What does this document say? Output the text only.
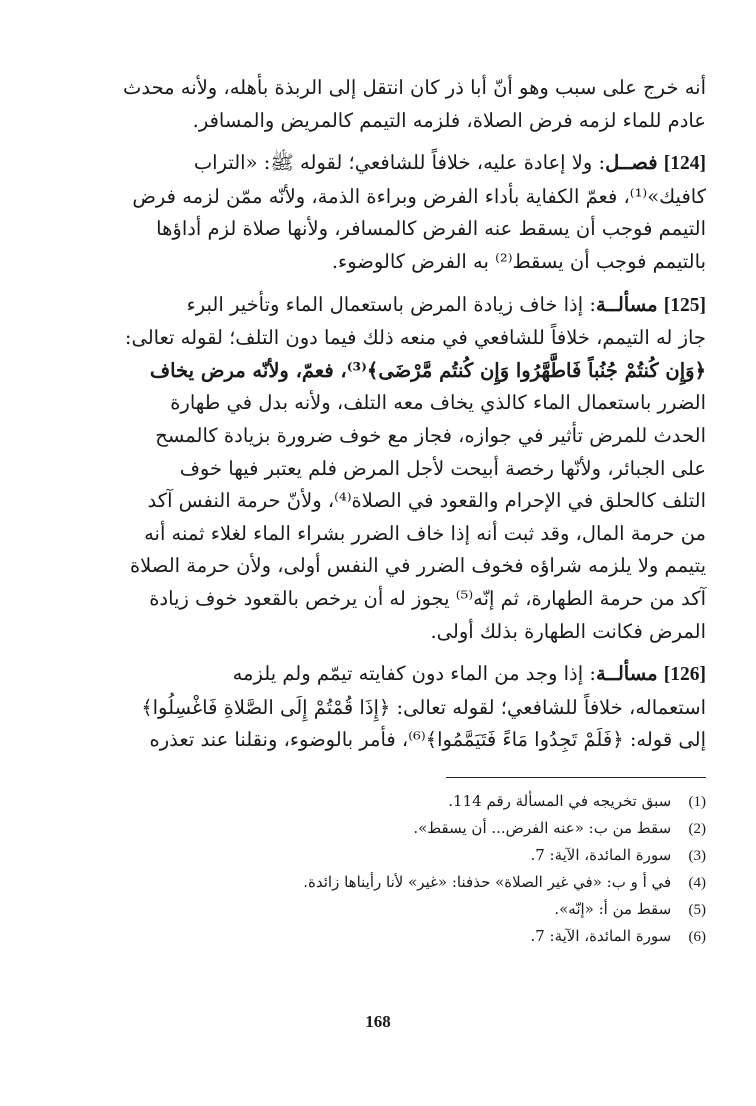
أنه خرج على سبب وهو أنّ أبا ذر كان انتقل إلى الربذة بأهله، ولأنه محدث
عادم للماء لزمه فرض الصلاة، فلزمه التيمم كالمريض والمسافر.

[124] فصــل: ولا إعادة عليه، خلافاً للشافعي؛ لقوله ﷺ: «التراب
كافيك»⁽¹⁾، فعمّ الكفاية بأداء الفرض وبراءة الذمة، ولأنّه ممّن لزمه فرض
التيمم فوجب أن يسقط عنه الفرض كالمسافر، ولأنها صلاة لزم أداؤها
بالتيمم فوجب أن يسقط⁽²⁾ به الفرض كالوضوء.

[125] مسألــة: إذا خاف زيادة المرض باستعمال الماء وتأخير البرء
جاز له التيمم، خلافاً للشافعي في منعه ذلك فيما دون التلف؛ لقوله تعالى:
﴿وَإِن كُنتُمْ جُنُباً فَاطَّهَّرُوا وَإِن كُنتُم مَّرْضَى﴾⁽³⁾، فعمّ، ولأنّه مرض يخاف
الضرر باستعمال الماء كالذي يخاف معه التلف، ولأنه بدل في طهارة
الحدث للمرض تأثير في جوازه، فجاز مع خوف ضرورة بزيادة كالمسح
على الجبائر، ولأنّها رخصة أبيحت لأجل المرض فلم يعتبر فيها خوف
التلف كالحلق في الإحرام والقعود في الصلاة⁽⁴⁾، ولأنّ حرمة النفس آكد
من حرمة المال، وقد ثبت أنه إذا خاف الضرر بشراء الماء لغلاء ثمنه أنه
يتيمم ولا يلزمه شراؤه فخوف الضرر في النفس أولى، ولأن حرمة الصلاة
آكد من حرمة الطهارة، ثم إنّه⁽⁵⁾ يجوز له أن يرخص بالقعود خوف زيادة
المرض فكانت الطهارة بذلك أولى.

[126] مسألــة: إذا وجد من الماء دون كفايته تيمّم ولم يلزمه
استعماله، خلافاً للشافعي؛ لقوله تعالى: ﴿إِذَا قُمْتُمْ إِلَى الصَّلاةِ فَاغْسِلُوا﴾
إلى قوله: ﴿فَلَمْ تَجِدُوا مَاءً فَتَيَمَّمُوا﴾⁽⁶⁾، فأمر بالوضوء، ونقلنا عند تعذره

(1) سبق تخريجه في المسألة رقم 114.
(2) سقط من ب: «عنه الفرض... أن يسقط».
(3) سورة المائدة، الآية: 7.
(4) في أ و ب: «في غير الصلاة» حذفنا: «غير» لأنا رأيناها زائدة.
(5) سقط من أ: «إنّه».
(6) سورة المائدة، الآية: 7.
168
